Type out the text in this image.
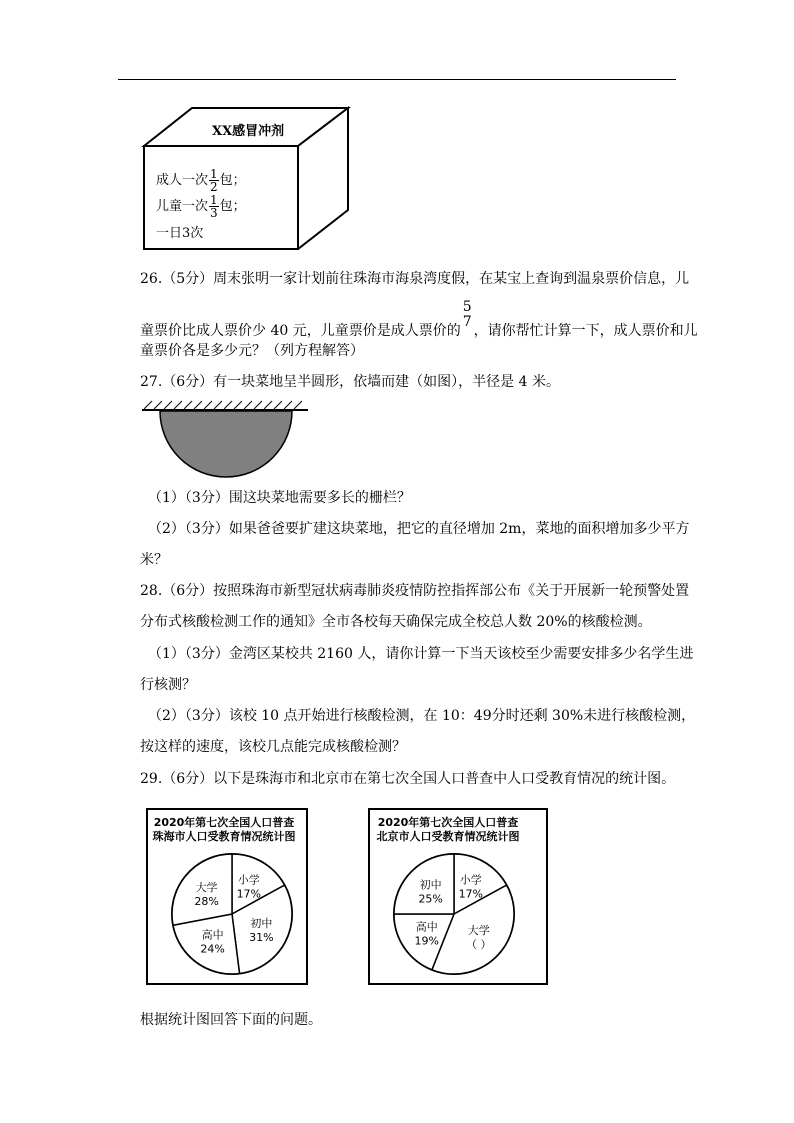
XX感冒冲剂
成人一次 $\frac{1}{2}$ 包；
儿童一次 $\frac{1}{3}$ 包；
一日3次
26.（5分）周末张明一家计划前往珠海市海泉湾度假，在某宝上查询到温泉票价信息，儿
童票价比成人票价少 40 元，儿童票价是成人票价的
5
7
，请你帮忙计算一下，成人票价和儿
童票价各是多少元？（列方程解答）
27.（6分）有一块菜地呈半圆形，依墙而建（如图），半径是 4 米。
（1）（3分）围这块菜地需要多长的栅栏？
（2）（3分）如果爸爸要扩建这块菜地，把它的直径增加 2m，菜地的面积增加多少平方
米？
28.（6分）按照珠海市新型冠状病毒肺炎疫情防控指挥部公布《关于开展新一轮预警处置
分布式核酸检测工作的通知》全市各校每天确保完成全校总人数 20%的核酸检测。
（1）（3分）金湾区某校共 2160 人，请你计算一下当天该校至少需要安排多少名学生进
行核测？
（2）（3分）该校 10 点开始进行核酸检测，在 10：49分时还剩 30%未进行核酸检测，
按这样的速度，该校几点能完成核酸检测？
29.（6分）以下是珠海市和北京市在第七次全国人口普查中人口受教育情况的统计图。
2020年第七次全国人口普查
珠海市人口受教育情况统计图
小学
17%
初中
31%
高中
24%
大学
28%
2020年第七次全国人口普查
北京市人口受教育情况统计图
小学
17%
大学
（ ）
高中
19%
初中
25%
根据统计图回答下面的问题。
